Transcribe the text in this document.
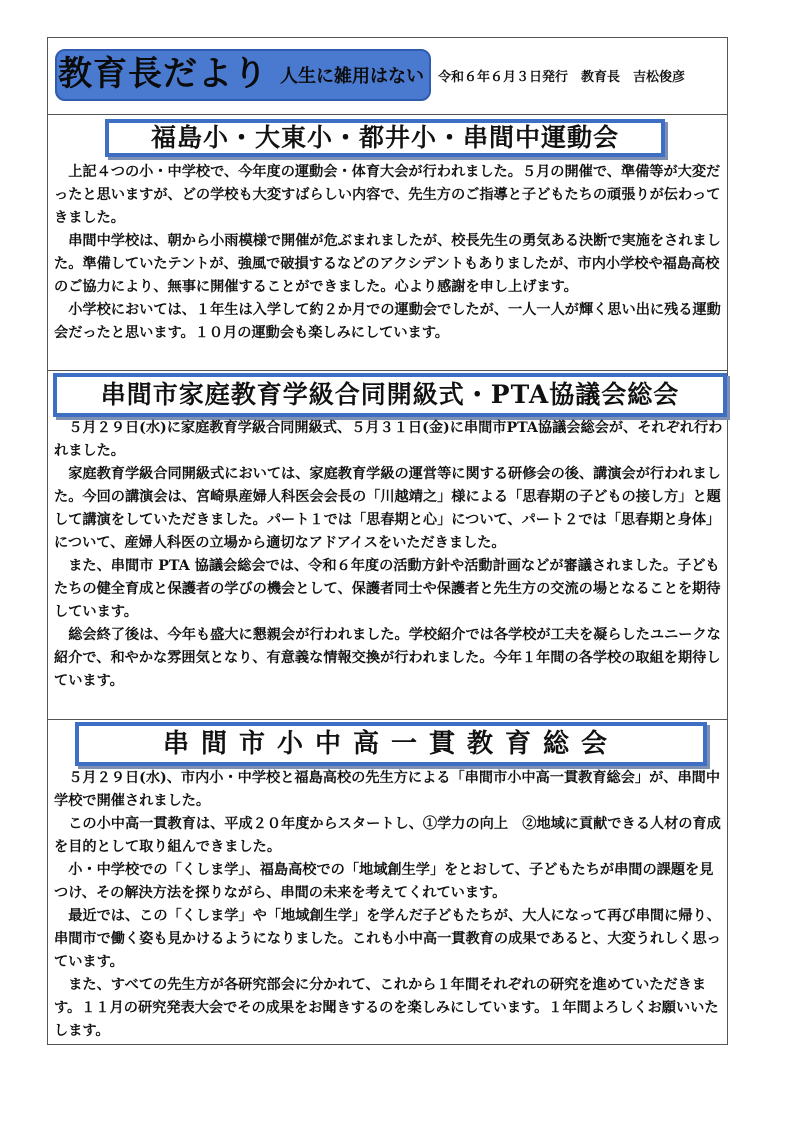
教育長だより 人生に雑用はない 令和６年６月３日発行　教育長　吉松俊彦
福島小・大東小・都井小・串間中運動会

上記４つの小・中学校で、今年度の運動会・体育大会が行われました。５月の開催で、準備等が大変だったと思いますが、どの学校も大変すばらしい内容で、先生方のご指導と子どもたちの頑張りが伝わってきました。

串間中学校は、朝から小雨模様で開催が危ぶまれましたが、校長先生の勇気ある決断で実施をされました。準備していたテントが、強風で破損するなどのアクシデントもありましたが、市内小学校や福島高校のご協力により、無事に開催することができました。心より感謝を申し上げます。

小学校においては、１年生は入学して約２か月での運動会でしたが、一人一人が輝く思い出に残る運動会だったと思います。１０月の運動会も楽しみにしています。

串間市家庭教育学級合同開級式・PTA協議会総会

５月２９日(水)に家庭教育学級合同開級式、５月３１日(金)に串間市PTA協議会総会が、それぞれ行われました。

家庭教育学級合同開級式においては、家庭教育学級の運営等に関する研修会の後、講演会が行われました。今回の講演会は、宮崎県産婦人科医会会長の「川越靖之」様による「思春期の子どもの接し方」と題して講演をしていただきました。パート１では「思春期と心」について、パート２では「思春期と身体」について、産婦人科医の立場から適切なアドアイスをいただきました。

また、串間市 PTA 協議会総会では、令和６年度の活動方針や活動計画などが審議されました。子どもたちの健全育成と保護者の学びの機会として、保護者同士や保護者と先生方の交流の場となることを期待しています。

総会終了後は、今年も盛大に懇親会が行われました。学校紹介では各学校が工夫を凝らしたユニークな紹介で、和やかな雰囲気となり、有意義な情報交換が行われました。今年１年間の各学校の取組を期待しています。

串間市小中高一貫教育総会

５月２９日(水)、市内小・中学校と福島高校の先生方による「串間市小中高一貫教育総会」が、串間中学校で開催されました。

この小中高一貫教育は、平成２０年度からスタートし、①学力の向上　②地域に貢献できる人材の育成を目的として取り組んできました。

小・中学校での「くしま学」、福島高校での「地域創生学」をとおして、子どもたちが串間の課題を見つけ、その解決方法を探りながら、串間の未来を考えてくれています。

最近では、この「くしま学」や「地域創生学」を学んだ子どもたちが、大人になって再び串間に帰り、串間市で働く姿も見かけるようになりました。これも小中高一貫教育の成果であると、大変うれしく思っています。

また、すべての先生方が各研究部会に分かれて、これから１年間それぞれの研究を進めていただきます。１１月の研究発表大会でその成果をお聞きするのを楽しみにしています。１年間よろしくお願いいたします。
